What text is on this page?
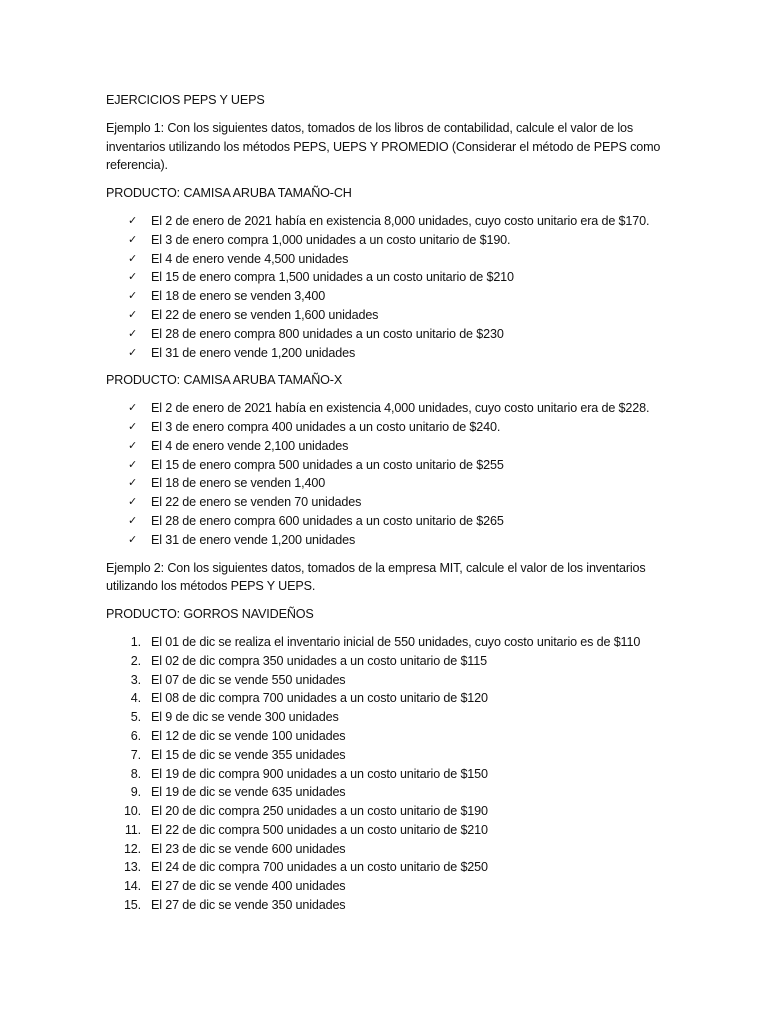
EJERCICIOS PEPS Y UEPS

Ejemplo 1: Con los siguientes datos, tomados de los libros de contabilidad, calcule el valor de los inventarios utilizando los métodos PEPS, UEPS Y PROMEDIO (Considerar el método de PEPS como referencia).

PRODUCTO: CAMISA ARUBA TAMAÑO-CH

✓	El 2 de enero de 2021 había en existencia 8,000 unidades, cuyo costo unitario era de $170.
✓	El 3 de enero compra 1,000 unidades a un costo unitario de $190.
✓	El 4 de enero vende 4,500 unidades
✓	El 15 de enero compra 1,500 unidades a un costo unitario de $210
✓	El 18 de enero se venden 3,400
✓	El 22 de enero se venden 1,600 unidades
✓	El 28 de enero compra 800 unidades a un costo unitario de $230
✓	El 31 de enero vende 1,200 unidades

PRODUCTO: CAMISA ARUBA TAMAÑO-X

✓	El 2 de enero de 2021 había en existencia 4,000 unidades, cuyo costo unitario era de $228.
✓	El 3 de enero compra 400 unidades a un costo unitario de $240.
✓	El 4 de enero vende 2,100 unidades
✓	El 15 de enero compra 500 unidades a un costo unitario de $255
✓	El 18 de enero se venden 1,400
✓	El 22 de enero se venden 70 unidades
✓	El 28 de enero compra 600 unidades a un costo unitario de $265
✓	El 31 de enero vende 1,200 unidades

Ejemplo 2: Con los siguientes datos, tomados de la empresa MIT, calcule el valor de los inventarios utilizando los métodos PEPS Y UEPS.

PRODUCTO: GORROS NAVIDEÑOS

1. El 01 de dic se realiza el inventario inicial de 550 unidades, cuyo costo unitario es de $110
2. El 02 de dic compra 350 unidades a un costo unitario de $115
3. El 07 de dic se vende 550 unidades
4. El 08 de dic compra 700 unidades a un costo unitario de $120
5. El 9 de dic se vende 300 unidades
6. El 12 de dic se vende 100 unidades
7. El 15 de dic se vende 355 unidades
8. El 19 de dic compra 900 unidades a un costo unitario de $150
9. El 19 de dic se vende 635 unidades
10. El 20 de dic compra 250 unidades a un costo unitario de $190
11. El 22 de dic compra 500 unidades a un costo unitario de $210
12. El 23 de dic se vende 600 unidades
13. El 24 de dic compra 700 unidades a un costo unitario de $250
14. El 27 de dic se vende 400 unidades
15. El 27 de dic se vende 350 unidades
